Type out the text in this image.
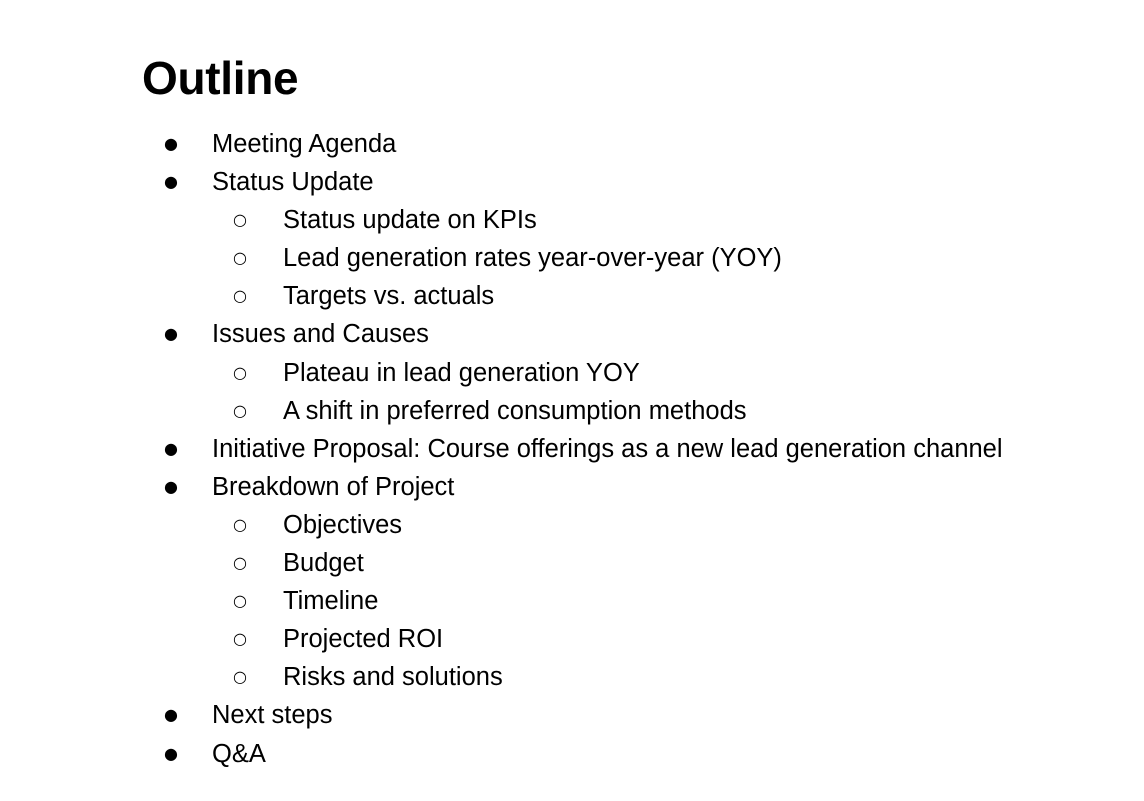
Outline
● Meeting Agenda
● Status Update
○ Status update on KPIs
○ Lead generation rates year-over-year (YOY)
○ Targets vs. actuals
● Issues and Causes
○ Plateau in lead generation YOY
○ A shift in preferred consumption methods
● Initiative Proposal: Course offerings as a new lead generation channel
● Breakdown of Project
○ Objectives
○ Budget
○ Timeline
○ Projected ROI
○ Risks and solutions
● Next steps
● Q&A
